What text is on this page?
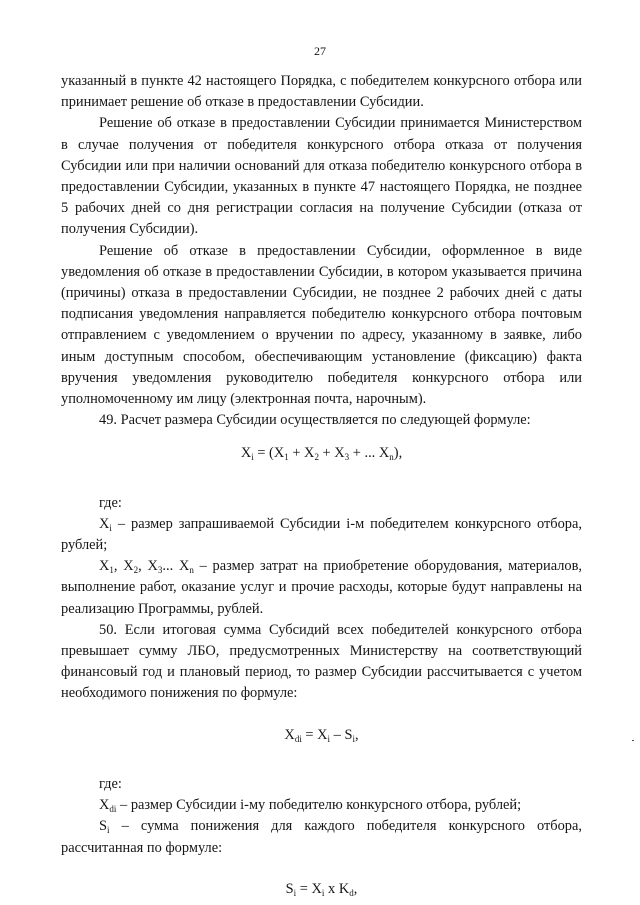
27

указанный в пункте 42 настоящего Порядка, с победителем конкурсного отбора или принимает решение об отказе в предоставлении Субсидии.

Решение об отказе в предоставлении Субсидии принимается Министерством в случае получения от победителя конкурсного отбора отказа от получения Субсидии или при наличии оснований для отказа победителю конкурсного отбора в предоставлении Субсидии, указанных в пункте 47 настоящего Порядка, не позднее 5 рабочих дней со дня регистрации согласия на получение Субсидии (отказа от получения Субсидии).

Решение об отказе в предоставлении Субсидии, оформленное в виде уведомления об отказе в предоставлении Субсидии, в котором указывается причина (причины) отказа в предоставлении Субсидии, не позднее 2 рабочих дней с даты подписания уведомления направляется победителю конкурсного отбора почтовым отправлением с уведомлением о вручении по адресу, указанному в заявке, либо иным доступным способом, обеспечивающим установление (фиксацию) факта вручения уведомления руководителю победителя конкурсного отбора или уполномоченному им лицу (электронная почта, нарочным).

49. Расчет размера Субсидии осуществляется по следующей формуле:

$X_i = (X_1 + X_2 + X_3$ + ... $X_n$),

где:

$X_i$ – размер запрашиваемой Субсидии i-м победителем конкурсного отбора, рублей;

$X_1$, $X_2$, $X_3$... $X_n$ – размер затрат на приобретение оборудования, материалов, выполнение работ, оказание услуг и прочие расходы, которые будут направлены на реализацию Программы, рублей.

50. Если итоговая сумма Субсидий всех победителей конкурсного отбора превышает сумму ЛБО, предусмотренных Министерству на соответствующий финансовый год и плановый период, то размер Субсидии рассчитывается с учетом необходимого понижения по формуле:

$X_{di} = X_i - S_i$,

где:

$X_{di}$ – размер Субсидии i-му победителю конкурсного отбора, рублей;

$S_i$ – сумма понижения для каждого победителя конкурсного отбора, рассчитанная по формуле:

$S_i = X_i$ x $K_d$,
